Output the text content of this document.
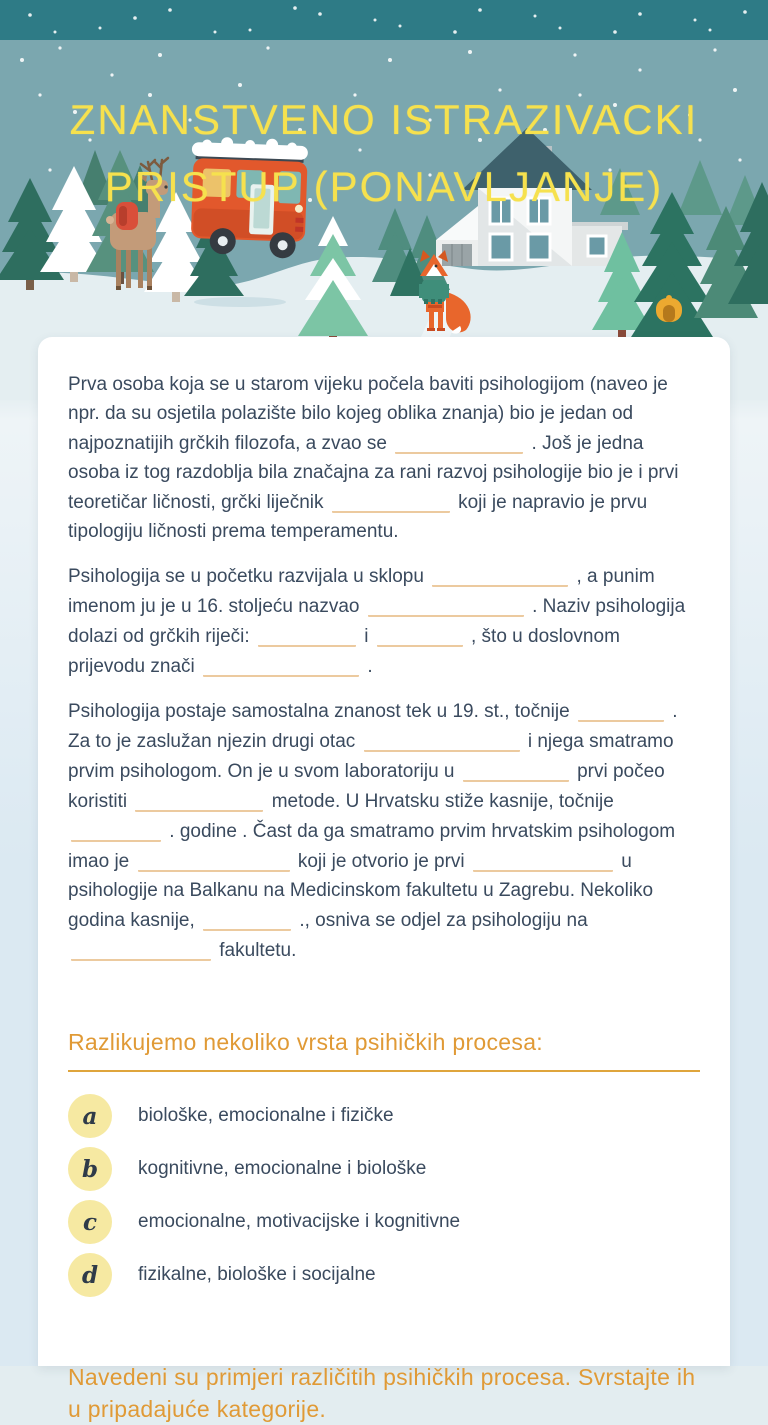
ZNANSTVENO ISTRAZIVACKI
PRISTUP (PONAVLJANJE)

Prva osoba koja se u starom vijeku počela baviti psihologijom (naveo je npr. da su osjetila polazište bilo kojeg oblika znanja) bio je jedan od najpoznatijih grčkih filozofa, a zvao se	. Još je jedna osoba iz tog razdoblja bila značajna za rani razvoj psihologije bio je i prvi teoretičar ličnosti, grčki liječnik	koji je napravio je prvu tipologiju ličnosti prema temperamentu.

Psihologija se u početku razvijala u sklopu	, a punim imenom ju je u 16. stoljeću nazvao	. Naziv psihologija dolazi od grčkih riječi:	i	, što u doslovnom prijevodu znači	.

Psihologija postaje samostalna znanost tek u 19. st., točnije	. Za to je zaslužan njezin drugi otac	i njega smatramo prvim psihologom. On je u svom laboratoriju u	prvi počeo koristiti	metode. U Hrvatsku stiže kasnije, točnije  . godine . Čast da ga smatramo prvim hrvatskim psihologom imao je	koji je otvorio je prvi	u psihologije na Balkanu na Medicinskom fakultetu u Zagrebu. Nekoliko godina kasnije,	., osniva se odjel za psihologiju na  fakultetu.

Razlikujemo nekoliko vrsta psihičkih procesa:
a	biološke, emocionalne i fizičke
b	kognitivne, emocionalne i biološke
c	emocionalne, motivacijske i kognitivne
d	fizikalne, biološke i socijalne
Navedeni su primjeri različitih psihičkih procesa. Svrstajte ih u pripadajuće kategorije.
